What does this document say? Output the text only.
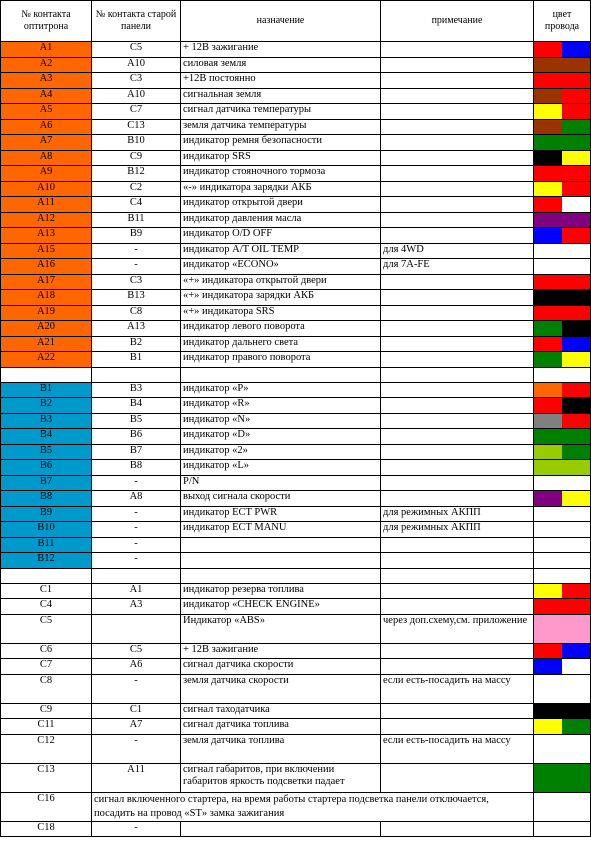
№ контакта оптитрона	№ контакта старой панели	назначение	примечание	цвет провода
A1	C5	+ 12В зажигание		

A2	A10	силовая земля		

A3	C3	+12В постоянно		

A4	A10	сигнальная земля		

A5	C7	сигнал датчика температуры		

A6	C13	земля датчика температуры		

A7	B10	индикатор ремня безопасности		

A8	C9	индикатор SRS		

A9	B12	индикатор стояночного тормоза		

A10	C2	«-» индикатора зарядки АКБ		

A11	C4	индикатор открытой двери		

A12	B11	индикатор давления масла		

A13	B9	индикатор O/D OFF		

A15	-	индикатор A/T OIL TEMP	для 4WD	

A16	-	индикатор «ECONO»	для 7A-FE	

A17	C3	«+» индикатора открытой двери		

A18	B13	«+» индикатора зарядки АКБ		

A19	C8	«+» индикатора SRS		

A20	A13	индикатор левого поворота		

A21	B2	индикатор дальнего света		

A22	B1	индикатор правого поворота		

B1	B3	индикатор «P»		

B2	B4	индикатор «R»		

B3	B5	индикатор «N»		

B4	B6	индикатор «D»		

B5	B7	индикатор «2»		

B6	B8	индикатор «L»		

B7	-	P/N		

B8	A8	выход сигнала скорости		

B9	-	индикатор ECT PWR	для режимных АКПП	

B10	-	индикатор ECT MANU	для режимных АКПП	

B11	-			

B12	-			

C1	A1	индикатор резерва топлива		

C4	A3	индикатор «CHECK ENGINE»		

C5		Индикатор «ABS»	через доп.схему,см. приложение	

C6	C5	+ 12В зажигание		

C7	A6	сигнал датчика скорости		

C8	-	земля датчика скорости	если есть-посадить на массу	

C9	C1	сигнал таходатчика		

C11	A7	сигнал датчика топлива		

C12	-	земля датчика топлива	если есть-посадить на массу	

C13	A11	сигнал габаритов, при включении габаритов яркость подсветки падает		

C16	сигнал включенного стартера, на время работы стартера подсветка панели отключается, посадить на провод «ST» замка зажигания			
C18	-			
